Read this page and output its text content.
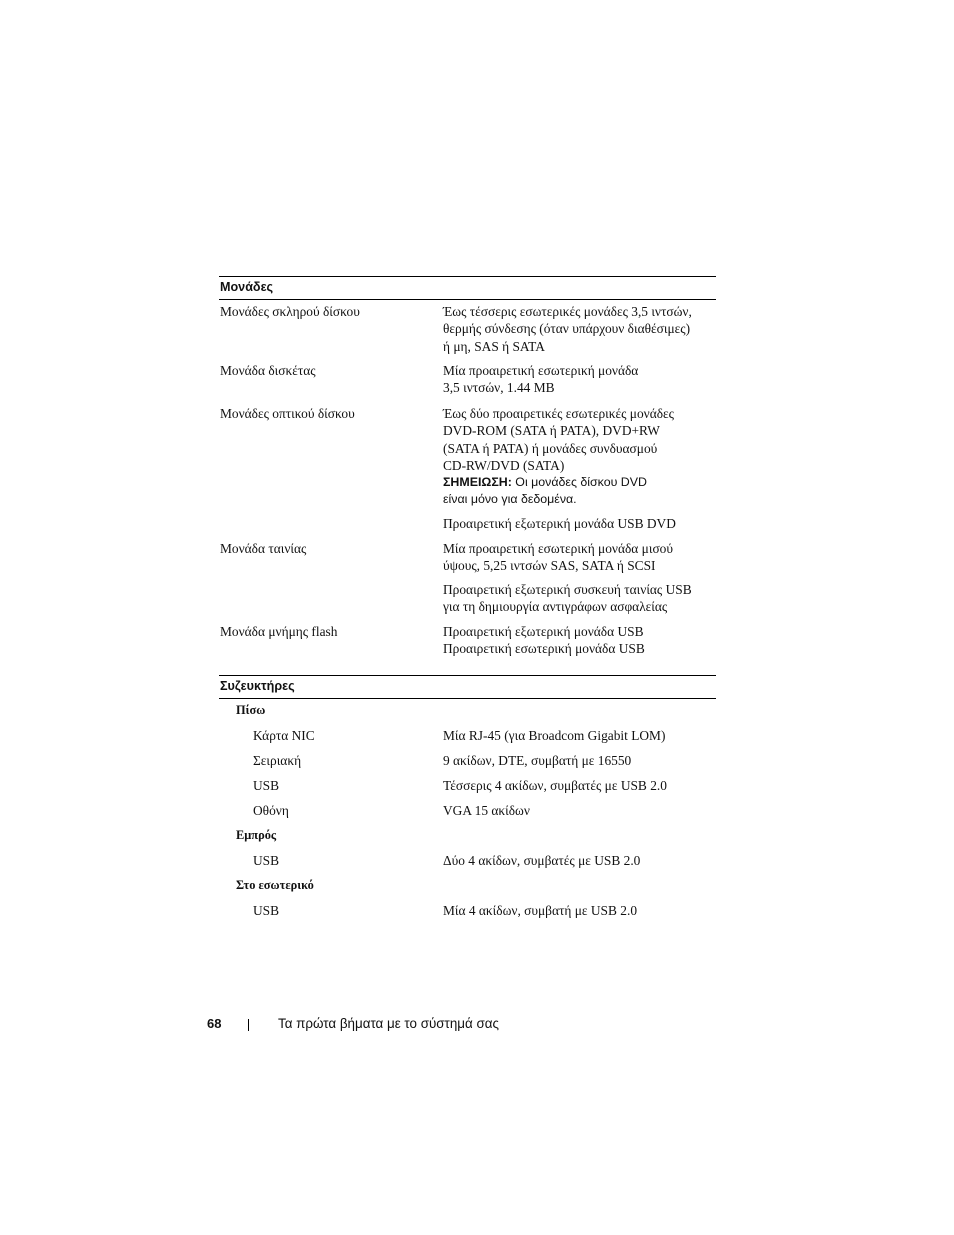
Μονάδες
Μονάδες σκληρού δίσκου	Έως τέσσερις εσωτερικές μονάδες 3,5 ιντσών,
θερμής σύνδεσης (όταν υπάρχουν διαθέσιμες)
ή μη, SAS ή SATA
Μονάδα δισκέτας	Μία προαιρετική εσωτερική μονάδα
3,5 ιντσών, 1.44 MB
Μονάδες οπτικού δίσκου	Έως δύο προαιρετικές εσωτερικές μονάδες
DVD-ROM (SATA ή PATA), DVD+RW
(SATA ή PATA) ή μονάδες συνδυασμού
CD-RW/DVD (SATA)
ΣΗΜΕΙΩΣΗ: Οι μονάδες δίσκου DVD
είναι μόνο για δεδομένα.
Προαιρετική εξωτερική μονάδα USB DVD
Μονάδα ταινίας	Μία προαιρετική εσωτερική μονάδα μισού
ύψους, 5,25 ιντσών SAS, SATA ή SCSI
Προαιρετική εξωτερική συσκευή ταινίας USB
για τη δημιουργία αντιγράφων ασφαλείας
Μονάδα μνήμης flash	Προαιρετική εξωτερική μονάδα USB
Προαιρετική εσωτερική μονάδα USB
Συζευκτήρες
Πίσω
Κάρτα NIC	Μία RJ-45 (για Broadcom Gigabit LOM)
Σειριακή	9 ακίδων, DTE, συμβατή με 16550
USB	Τέσσερις 4 ακίδων, συμβατές με USB 2.0
Οθόνη	VGA 15 ακίδων
Εμπρός
USB	Δύο 4 ακίδων, συμβατές με USB 2.0
Στο εσωτερικό
USB	Μία 4 ακίδων, συμβατή με USB 2.0
68	Τα πρώτα βήματα με το σύστημά σας
